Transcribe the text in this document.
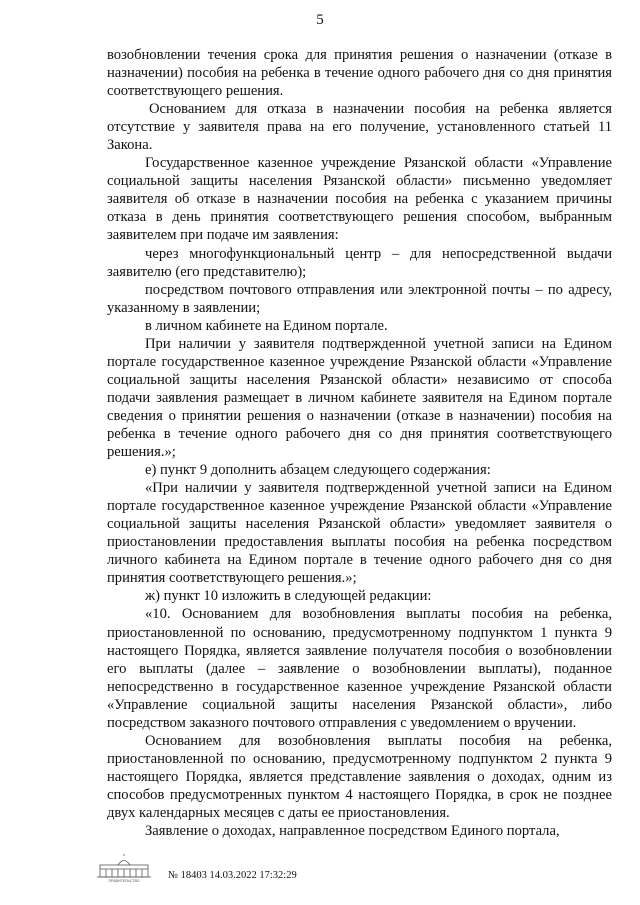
5

возобновлении течения срока для принятия решения о назначении (отказе в назначении) пособия на ребенка в течение одного рабочего дня со дня принятия соответствующего решения.

Основанием для отказа в назначении пособия на ребенка является отсутствие у заявителя права на его получение, установленного статьей 11 Закона.

Государственное казенное учреждение Рязанской области «Управление социальной защиты населения Рязанской области» письменно уведомляет заявителя об отказе в назначении пособия на ребенка с указанием причины отказа в день принятия соответствующего решения способом, выбранным заявителем при подаче им заявления:

через многофункциональный центр – для непосредственной выдачи заявителю (его представителю);

посредством почтового отправления или электронной почты – по адресу, указанному в заявлении;

в личном кабинете на Едином портале.

При наличии у заявителя подтвержденной учетной записи на Едином портале государственное казенное учреждение Рязанской области «Управление социальной защиты населения Рязанской области» независимо от способа подачи заявления размещает в личном кабинете заявителя на Едином портале сведения о принятии решения о назначении (отказе в назначении) пособия на ребенка в течение одного рабочего дня со дня принятия соответствующего решения.»;

е) пункт 9 дополнить абзацем следующего содержания:

«При наличии у заявителя подтвержденной учетной записи на Едином портале государственное казенное учреждение Рязанской области «Управление социальной защиты населения Рязанской области» уведомляет заявителя о приостановлении предоставления выплаты пособия на ребенка посредством личного кабинета на Едином портале в течение одного рабочего дня со дня принятия соответствующего решения.»;

ж) пункт 10 изложить в следующей редакции:

«10. Основанием для возобновления выплаты пособия на ребенка, приостановленной по основанию, предусмотренному подпунктом 1 пункта 9 настоящего Порядка, является заявление получателя пособия о возобновлении его выплаты (далее – заявление о возобновлении выплаты), поданное непосредственно в государственное казенное учреждение Рязанской области «Управление социальной защиты населения Рязанской области», либо посредством заказного почтового отправления с уведомлением о вручении.

Основанием для возобновления выплаты пособия на ребенка, приостановленной по основанию, предусмотренному подпунктом 2 пункта 9 настоящего Порядка, является представление заявления о доходах, одним из способов предусмотренных пунктом 4 настоящего Порядка, в срок не позднее двух календарных месяцев с даты ее приостановления.

Заявление о доходах, направленное посредством Единого портала,

ПРАВИТЕЛЬСТВО	№ 18403 14.03.2022 17:32:29
